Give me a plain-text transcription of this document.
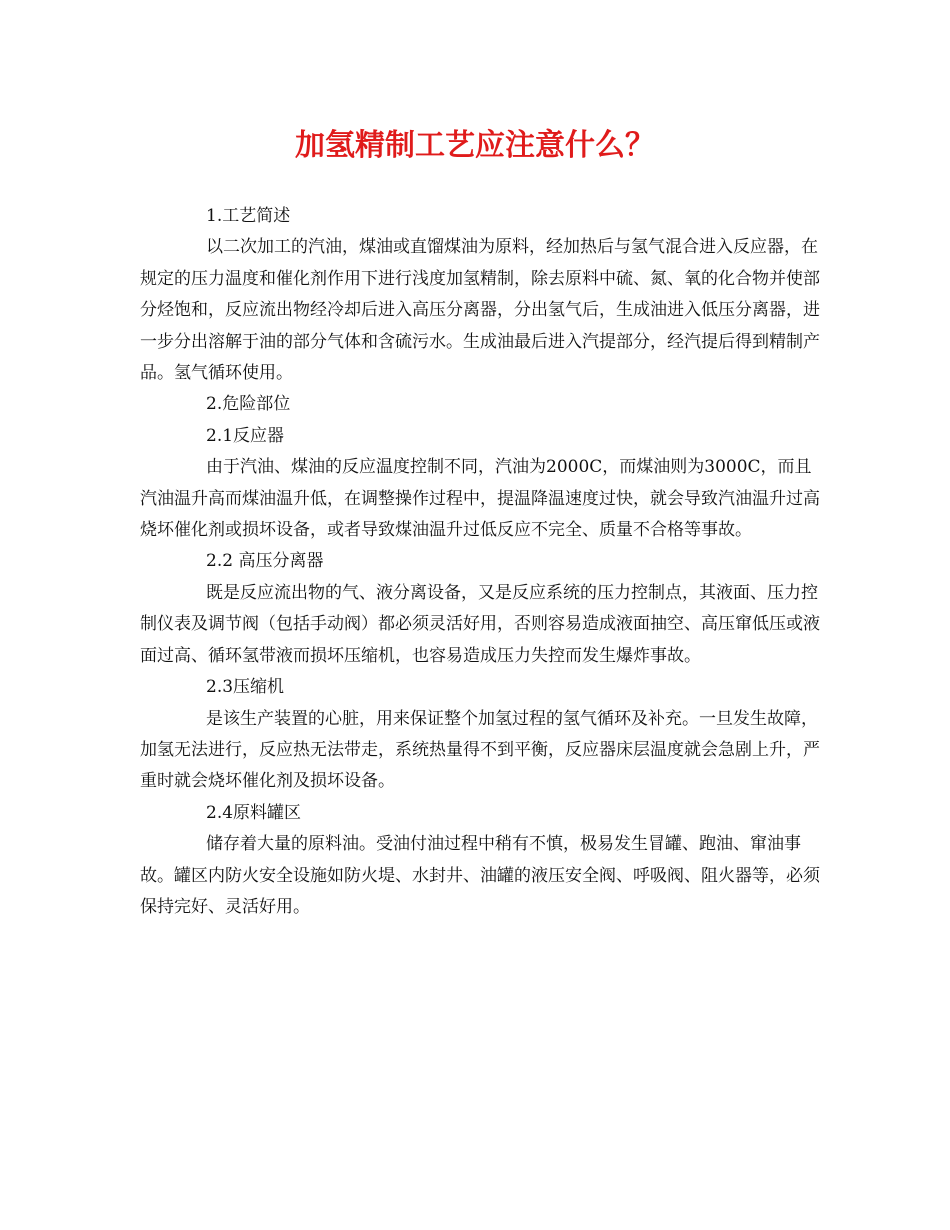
加氢精制工艺应注意什么？

1.工艺简述

以二次加工的汽油，煤油或直馏煤油为原料，经加热后与氢气混合进入反应器，在规定的压力温度和催化剂作用下进行浅度加氢精制，除去原料中硫、氮、氧的化合物并使部分烃饱和，反应流出物经冷却后进入高压分离器，分出氢气后，生成油进入低压分离器，进一步分出溶解于油的部分气体和含硫污水。生成油最后进入汽提部分，经汽提后得到精制产品。氢气循环使用。

2.危险部位

2.1反应器

由于汽油、煤油的反应温度控制不同，汽油为2000C，而煤油则为3000C，而且汽油温升高而煤油温升低，在调整操作过程中，提温降温速度过快，就会导致汽油温升过高烧坏催化剂或损坏设备，或者导致煤油温升过低反应不完全、质量不合格等事故。

2.2 高压分离器

既是反应流出物的气、液分离设备，又是反应系统的压力控制点，其液面、压力控制仪表及调节阀（包括手动阀）都必须灵活好用，否则容易造成液面抽空、高压窜低压或液面过高、循环氢带液而损坏压缩机，也容易造成压力失控而发生爆炸事故。

2.3压缩机

是该生产装置的心脏，用来保证整个加氢过程的氢气循环及补充。一旦发生故障，加氢无法进行，反应热无法带走，系统热量得不到平衡，反应器床层温度就会急剧上升，严重时就会烧坏催化剂及损坏设备。

2.4原料罐区

储存着大量的原料油。受油付油过程中稍有不慎，极易发生冒罐、跑油、窜油事故。罐区内防火安全设施如防火堤、水封井、油罐的液压安全阀、呼吸阀、阻火器等，必须保持完好、灵活好用。
